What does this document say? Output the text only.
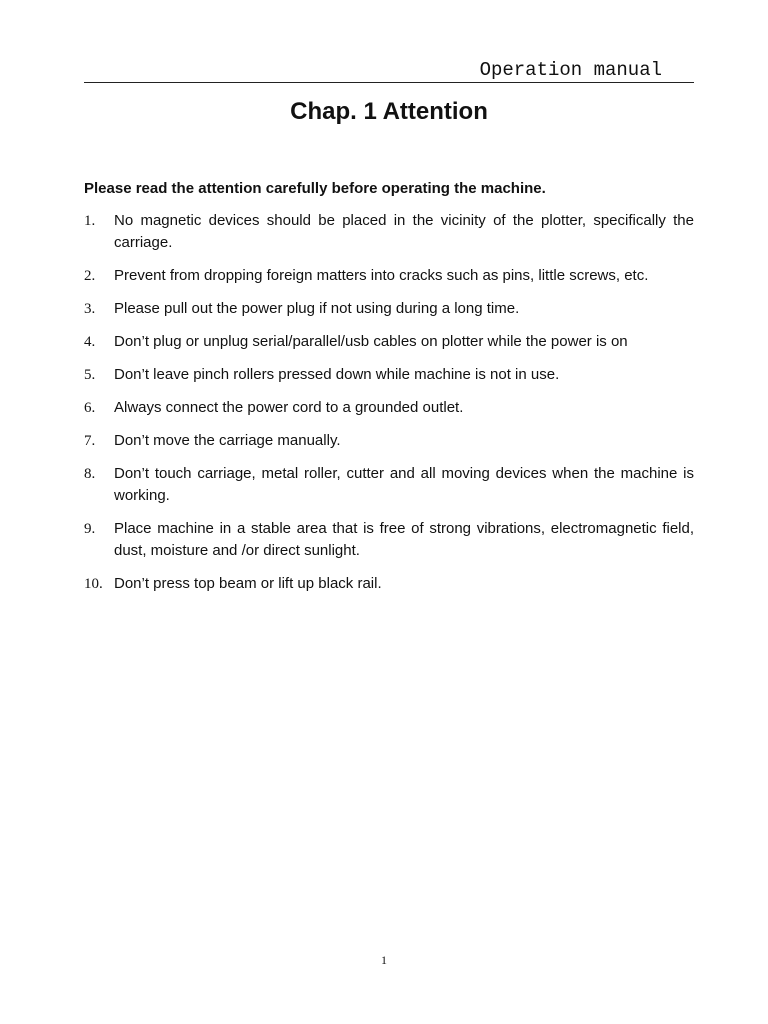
Operation manual
Chap. 1 Attention

Please read the attention carefully before operating the machine.

1. No magnetic devices should be placed in the vicinity of the plotter, specifically the carriage.
2. Prevent from dropping foreign matters into cracks such as pins, little screws, etc.
3. Please pull out the power plug if not using during a long time.
4. Don’t plug or unplug serial/parallel/usb cables on plotter while the power is on
5. Don’t leave pinch rollers pressed down while machine is not in use.
6. Always connect the power cord to a grounded outlet.
7. Don’t move the carriage manually.
8. Don’t touch carriage, metal roller, cutter and all moving devices when the machine is working.
9. Place machine in a stable area that is free of strong vibrations, electromagnetic field, dust, moisture and /or direct sunlight.
10. Don’t press top beam or lift up black rail.
1
